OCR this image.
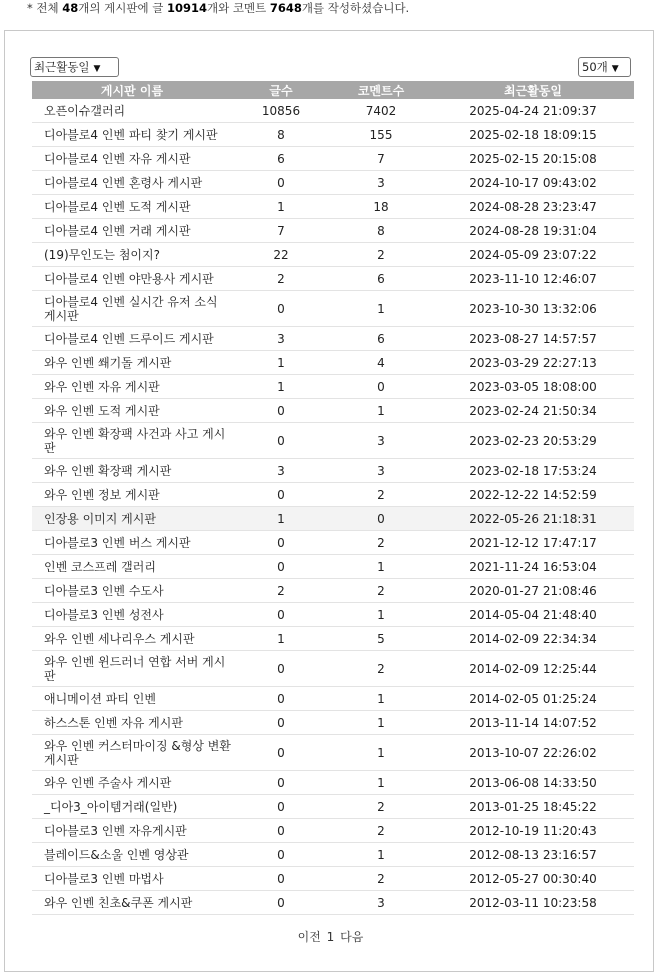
* 전체 48개의 게시판에 글 10914개와 코멘트 7648개를 작성하셨습니다.
최근활동일 ▼	50개 ▼
게시판 이름	글수	코멘트수	최근활동일
오픈이슈갤러리	10856	7402	2025-04-24 21:09:37
디아블로4 인벤 파티 찾기 게시판	8	155	2025-02-18 18:09:15
디아블로4 인벤 자유 게시판	6	7	2025-02-15 20:15:08
디아블로4 인벤 혼령사 게시판	0	3	2024-10-17 09:43:02
디아블로4 인벤 도적 게시판	1	18	2024-08-28 23:23:47
디아블로4 인벤 거래 게시판	7	8	2024-08-28 19:31:04
(19)무인도는 첨이지?	22	2	2024-05-09 23:07:22
디아블로4 인벤 야만용사 게시판	2	6	2023-11-10 12:46:07
디아블로4 인벤 실시간 유저 소식 게시판	0	1	2023-10-30 13:32:06
디아블로4 인벤 드루이드 게시판	3	6	2023-08-27 14:57:57
와우 인벤 쐐기돌 게시판	1	4	2023-03-29 22:27:13
와우 인벤 자유 게시판	1	0	2023-03-05 18:08:00
와우 인벤 도적 게시판	0	1	2023-02-24 21:50:34
와우 인벤 확장팩 사건과 사고 게시판	0	3	2023-02-23 20:53:29
와우 인벤 확장팩 게시판	3	3	2023-02-18 17:53:24
와우 인벤 정보 게시판	0	2	2022-12-22 14:52:59
인장용 이미지 게시판	1	0	2022-05-26 21:18:31
디아블로3 인벤 버스 게시판	0	2	2021-12-12 17:47:17
인벤 코스프레 갤러리	0	1	2021-11-24 16:53:04
디아블로3 인벤 수도사	2	2	2020-01-27 21:08:46
디아블로3 인벤 성전사	0	1	2014-05-04 21:48:40
와우 인벤 세나리우스 게시판	1	5	2014-02-09 22:34:34
와우 인벤 윈드러너 연합 서버 게시판	0	2	2014-02-09 12:25:44
애니메이션 파티 인벤	0	1	2014-02-05 01:25:24
하스스톤 인벤 자유 게시판	0	1	2013-11-14 14:07:52
와우 인벤 커스터마이징 &형상 변환 게시판	0	1	2013-10-07 22:26:02
와우 인벤 주술사 게시판	0	1	2013-06-08 14:33:50
_디아3_아이템거래(일반)	0	2	2013-01-25 18:45:22
디아블로3 인벤 자유게시판	0	2	2012-10-19 11:20:43
블레이드&소울 인벤 영상관	0	1	2012-08-13 23:16:57
디아블로3 인벤 마법사	0	2	2012-05-27 00:30:40
와우 인벤 친초&쿠폰 게시판	0	3	2012-03-11 10:23:58
이전 1 다음
